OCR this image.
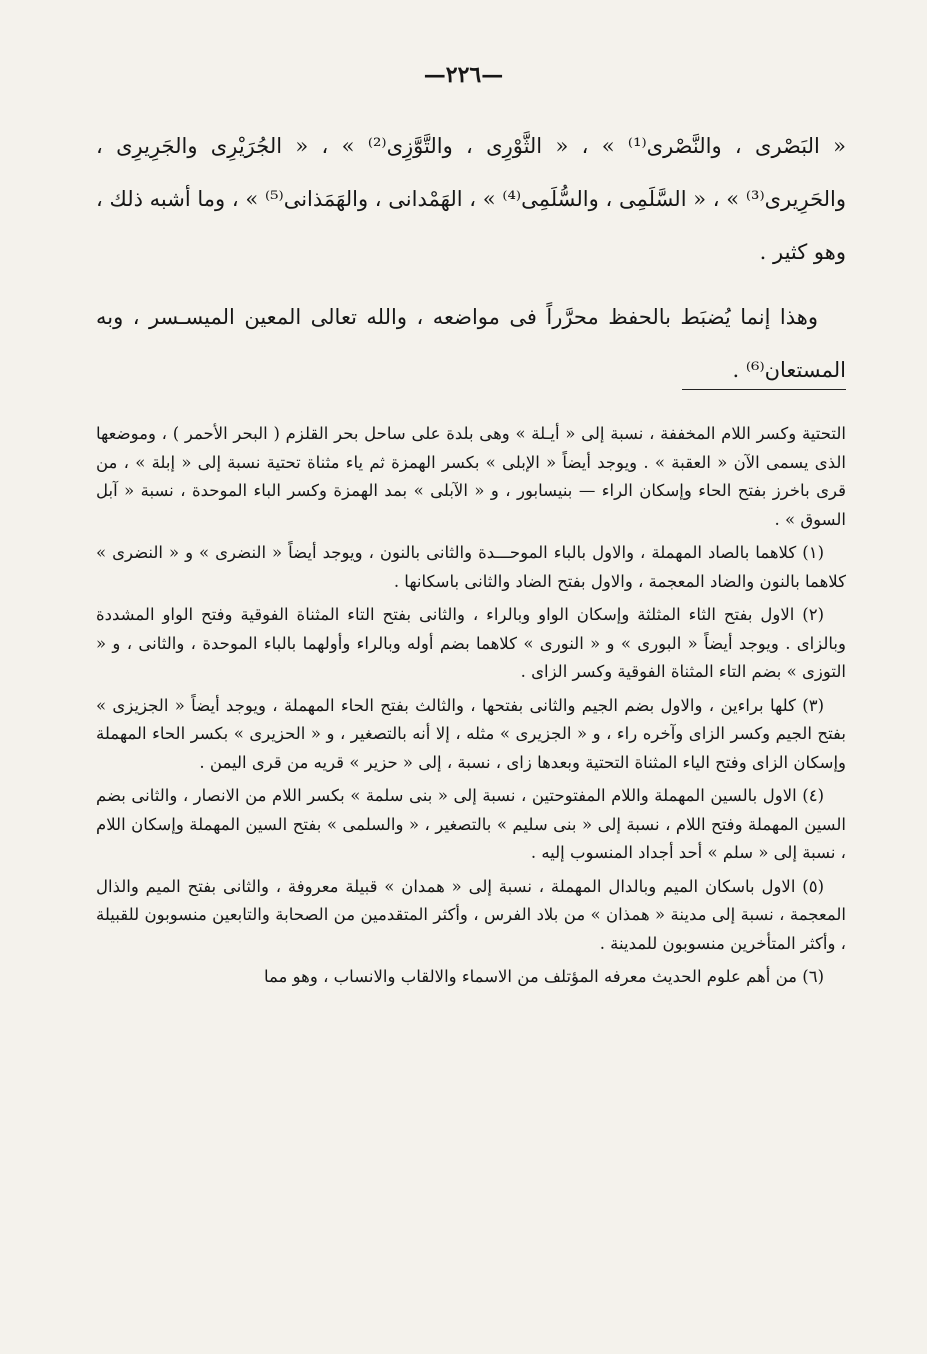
—٢٢٦—

« البَصْرى ، والنَّصْرى⁽¹⁾ » ، « الثَّوْرِى ، والتَّوَّزِى⁽²⁾ » ، « الجُرَيْرِى والجَرِيرِى ، والحَرِيرى⁽³⁾ » ، « السَّلَمِى ، والسُّلَمِى⁽⁴⁾ » ، الهَمْدانى ، والهَمَذانى⁽⁵⁾ » ، وما أشبه ذلك ، وهو كثير .

وهذا إنما يُضبَط بالحفظ محرَّراً فى مواضعه ، والله تعالى المعين الميسـسر ، وبه المستعان⁽⁶⁾ .

التحتية وكسر اللام المخففة ، نسبة إلى « أيـلة » وهى بلدة على ساحل بحر القلزم ( البحر الأحمر ) ، وموضعها الذى يسمى الآن « العقبة » . ويوجد أيضاً « الإبلى » بكسر الهمزة ثم ياء مثناة تحتية نسبة إلى « إبلة » ، من قرى باخرز بفتح الحاء وإسكان الراء — بنيسابور ، و « الآبلى » بمد الهمزة وكسر الباء الموحدة ، نسبة « آبل السوق » .

(١) كلاهما بالصاد المهملة ، والاول بالباء الموحـــدة والثانى بالنون ، ويوجد أيضاً « النضرى » و « النضرى » كلاهما بالنون والضاد المعجمة ، والاول بفتح الضاد والثانى باسكانها .

(٢) الاول بفتح الثاء المثلثة وإسكان الواو وبالراء ، والثانى بفتح التاء المثناة الفوقية وفتح الواو المشددة وبالزاى . ويوجد أيضاً « البورى » و « النورى » كلاهما بضم أوله وبالراء وأولهما بالباء الموحدة ، والثانى ، و « التوزى » بضم التاء المثناة الفوقية وكسر الزاى .

(٣) كلها براءين ، والاول بضم الجيم والثانى بفتحها ، والثالث بفتح الحاء المهملة ، ويوجد أيضاً « الجزيزى » بفتح الجيم وكسر الزاى وآخره راء ، و « الجزيرى » مثله ، إلا أنه بالتصغير ، و « الحزيرى » بكسر الحاء المهملة وإسكان الزاى وفتح الياء المثناة التحتية وبعدها زاى ، نسبة ، إلى « حزير » قريه من قرى اليمن .

(٤) الاول بالسين المهملة واللام المفتوحتين ، نسبة إلى « بنى سلمة » بكسر اللام من الانصار ، والثانى بضم السين المهملة وفتح اللام ، نسبة إلى « بنى سليم » بالتصغير ، « والسلمى » بفتح السين المهملة وإسكان اللام ، نسبة إلى « سلم » أحد أجداد المنسوب إليه .

(٥) الاول باسكان الميم وبالدال المهملة ، نسبة إلى « همدان » قبيلة معروفة ، والثانى بفتح الميم والذال المعجمة ، نسبة إلى مدينة « همذان » من بلاد الفرس ، وأكثر المتقدمين من الصحابة والتابعين منسوبون للقبيلة ، وأكثر المتأخرين منسوبون للمدينة .

(٦) من أهم علوم الحديث معرفه المؤتلف من الاسماء والالقاب والانساب ، وهو مما
